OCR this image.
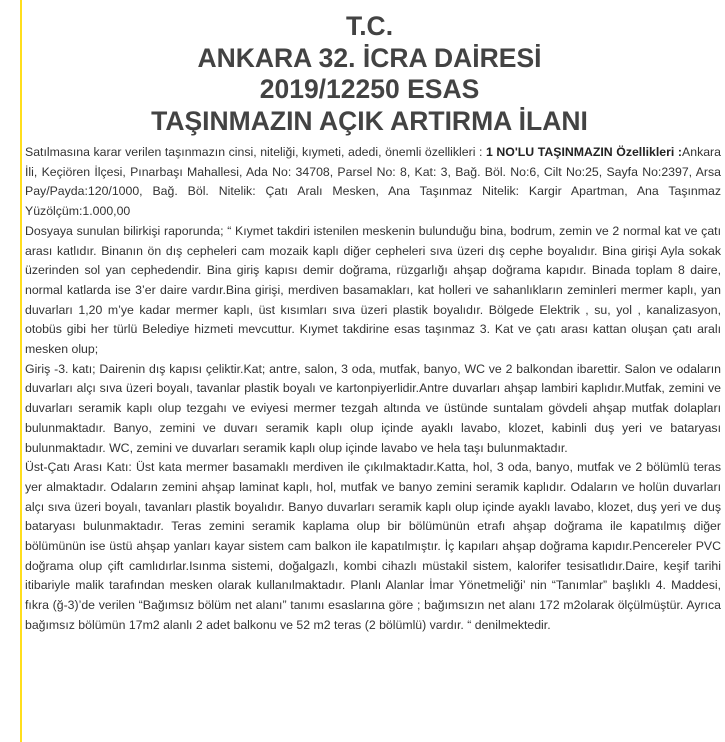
T.C.
ANKARA 32. İCRA DAİRESİ
2019/12250 ESAS
TAŞINMAZIN AÇIK ARTIRMA İLANI

Satılmasına karar verilen taşınmazın cinsi, niteliği, kıymeti, adedi, önemli özellikleri : 1 NO'LU TAŞINMAZIN Özellikleri :Ankara İli, Keçiören İlçesi, Pınarbaşı Mahallesi, Ada No: 34708, Parsel No: 8, Kat: 3, Bağ. Böl. No:6, Cilt No:25, Sayfa No:2397, Arsa Pay/Payda:120/1000, Bağ. Böl. Nitelik: Çatı Aralı Mesken, Ana Taşınmaz Nitelik: Kargir Apartman, Ana Taşınmaz Yüzölçüm:1.000,00

Dosyaya sunulan bilirkişi raporunda; “ Kıymet takdiri istenilen meskenin bulunduğu bina, bodrum, zemin ve 2 normal kat ve çatı arası katlıdır. Binanın ön dış cepheleri cam mozaik kaplı diğer cepheleri sıva üzeri dış cephe boyalıdır. Bina girişi Ayla sokak üzerinden sol yan cephedendir. Bina giriş kapısı demir doğrama, rüzgarlığı ahşap doğrama kapıdır. Binada toplam 8 daire, normal katlarda ise 3’er daire vardır.Bina girişi, merdiven basamakları, kat holleri ve sahanlıkların zeminleri mermer kaplı, yan duvarları 1,20 m’ye kadar mermer kaplı, üst kısımları sıva üzeri plastik boyalıdır. Bölgede Elektrik , su, yol , kanalizasyon, otobüs gibi her türlü Belediye hizmeti mevcuttur. Kıymet takdirine esas taşınmaz 3. Kat ve çatı arası kattan oluşan çatı aralı mesken olup;

Giriş -3. katı; Dairenin dış kapısı çeliktir.Kat; antre, salon, 3 oda, mutfak, banyo, WC ve 2 balkondan ibarettir. Salon ve odaların duvarları alçı sıva üzeri boyalı, tavanlar plastik boyalı ve kartonpiyerlidir.Antre duvarları ahşap lambiri kaplıdır.Mutfak, zemini ve duvarları seramik kaplı olup tezgahı ve eviyesi mermer tezgah altında ve üstünde suntalam gövdeli ahşap mutfak dolapları bulunmaktadır. Banyo, zemini ve duvarı seramik kaplı olup içinde ayaklı lavabo, klozet, kabinli duş yeri ve bataryası bulunmaktadır. WC, zemini ve duvarları seramik kaplı olup içinde lavabo ve hela taşı bulunmaktadır.

Üst-Çatı Arası Katı: Üst kata mermer basamaklı merdiven ile çıkılmaktadır.Katta, hol, 3 oda, banyo, mutfak ve 2 bölümlü teras yer almaktadır. Odaların zemini ahşap laminat kaplı, hol, mutfak ve banyo zemini seramik kaplıdır. Odaların ve holün duvarları alçı sıva üzeri boyalı, tavanları plastik boyalıdır. Banyo duvarları seramik kaplı olup içinde ayaklı lavabo, klozet, duş yeri ve duş bataryası bulunmaktadır. Teras zemini seramik kaplama olup bir bölümünün etrafı ahşap doğrama ile kapatılmış diğer bölümünün ise üstü ahşap yanları kayar sistem cam balkon ile kapatılmıştır. İç kapıları ahşap doğrama kapıdır.Pencereler PVC doğrama olup çift camlıdırlar.Isınma sistemi, doğalgazlı, kombi cihazlı müstakil sistem, kalorifer tesisatlıdır.Daire, keşif tarihi itibariyle malik tarafından mesken olarak kullanılmaktadır. Planlı Alanlar İmar Yönetmeliği’ nin “Tanımlar” başlıklı 4. Maddesi, fıkra (ğ-3)’de verilen “Bağımsız bölüm net alanı” tanımı esaslarına göre ; bağımsızın net alanı 172 m2olarak ölçülmüştür. Ayrıca bağımsız bölümün 17m2 alanlı 2 adet balkonu ve 52 m2 teras (2 bölümlü) vardır. “ denilmektedir.
